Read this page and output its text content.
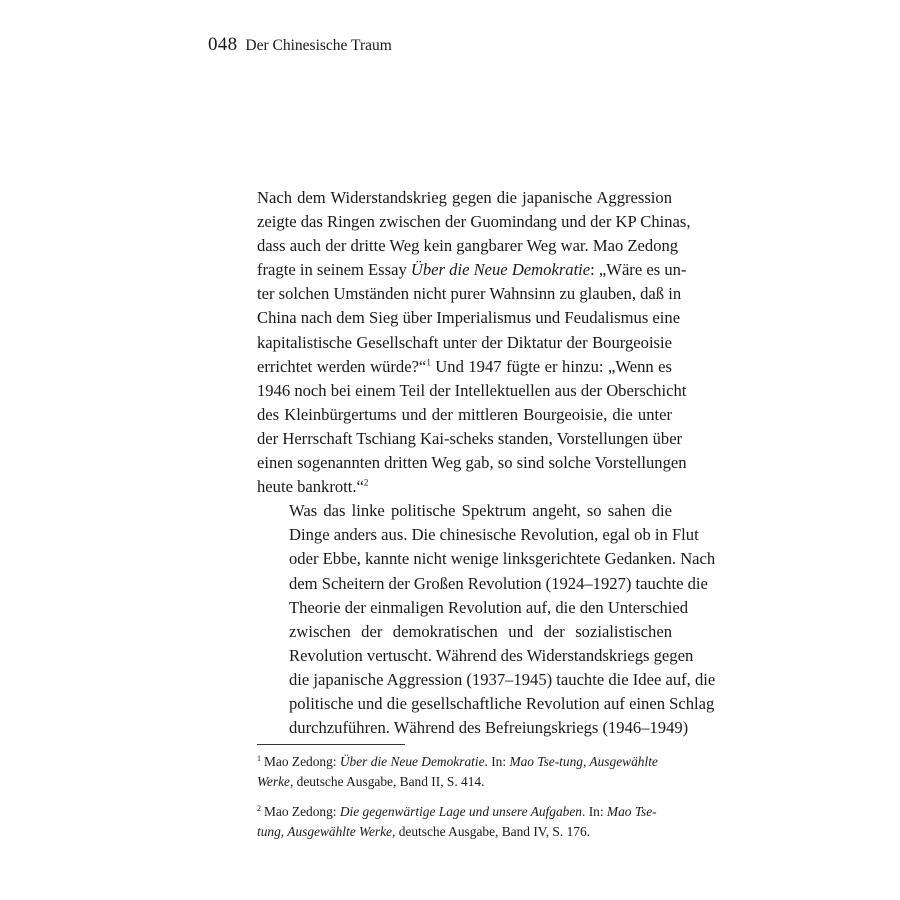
048 Der Chinesische Traum

Nach dem Widerstandskrieg gegen die japanische Aggression
zeigte das Ringen zwischen der Guomindang und der KP Chinas,
dass auch der dritte Weg kein gangbarer Weg war. Mao Zedong
fragte in seinem Essay Über die Neue Demokratie: „Wäre es un-
ter solchen Umständen nicht purer Wahnsinn zu glauben, daß in
China nach dem Sieg über Imperialismus und Feudalismus eine
kapitalistische Gesellschaft unter der Diktatur der Bourgeoisie
errichtet werden würde?“$^1$ Und 1947 fügte er hinzu: „Wenn es
1946 noch bei einem Teil der Intellektuellen aus der Oberschicht
des Kleinbürgertums und der mittleren Bourgeoisie, die unter
der Herrschaft Tschiang Kai-scheks standen, Vorstellungen über
einen sogenannten dritten Weg gab, so sind solche Vorstellungen
heute bankrott.“$^2$

Was das linke politische Spektrum angeht, so sahen die
Dinge anders aus. Die chinesische Revolution, egal ob in Flut
oder Ebbe, kannte nicht wenige linksgerichtete Gedanken. Nach
dem Scheitern der Großen Revolution (1924–1927) tauchte die
Theorie der einmaligen Revolution auf, die den Unterschied
zwischen der demokratischen und der sozialistischen
Revolution vertuscht. Während des Widerstandskriegs gegen
die japanische Aggression (1937–1945) tauchte die Idee auf, die
politische und die gesellschaftliche Revolution auf einen Schlag
durchzuführen. Während des Befreiungskriegs (1946–1949)

$^1$ Mao Zedong: Über die Neue Demokratie. In: Mao Tse-tung, Ausgewählte Werke, deutsche Ausgabe, Band II, S. 414.

$^2$ Mao Zedong: Die gegenwärtige Lage und unsere Aufgaben. In: Mao Tse-tung, Ausgewählte Werke, deutsche Ausgabe, Band IV, S. 176.
